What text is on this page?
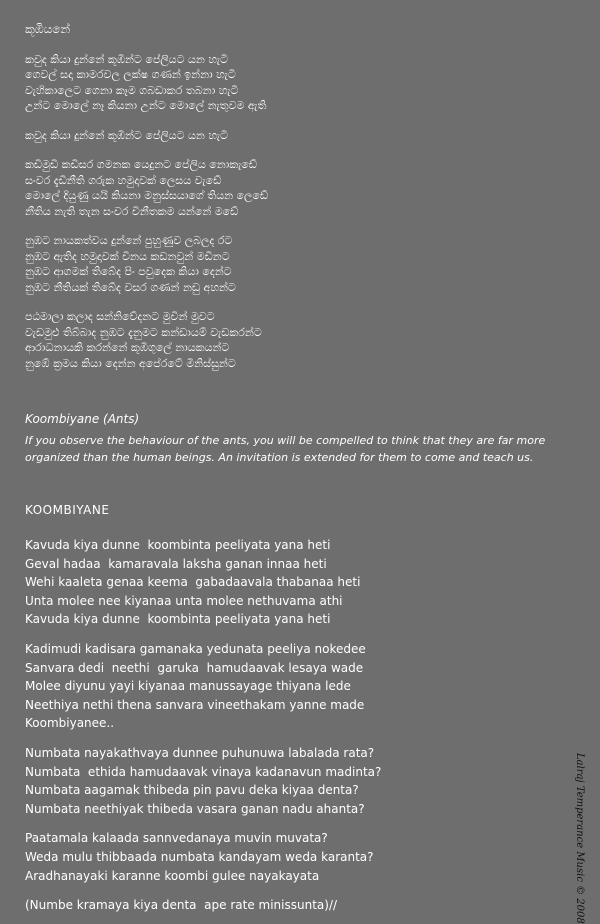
කූඹියනේ
කවුද කියා දුන්නේ කූඹින්ට පේලියට යන හැටි
ගෙවල් සදා කාමරවල ලක්ෂ ගණන් ඉන්නා හැටි
වැහිකාලෙට ගෙනා කෑම ගබඩාකර තබනා හැටි
උන්ට මොලේ නෑ කියනා උන්ට මොලේ නැතුවම ඇති
කවුද කියා දුන්නේ කූඹින්ට පේලියට යන හැටි
කඩිමුඩි කඩිසර ගමනක යෙදුනට පේලිය නොකැඩේ
සංවර දැඩිනීති ගරුක හමුදාවක් ලෙසය වැඩේ
මොලේ දියුණු යයි කියනා මනුස්සයාගේ තියන ලෙඩේ
නීතිය නැති තැන සංවර විනීතකම යන්නේ මඩේ
නුඹට නායකත්වය දුන්නේ පුහුණුව ලබලද රට
නුඹට ඇතිද හමුදාවක් විනය කඩනවුන් මඩිනට
නුඹට ආගමක් තිබේද පිං පවුදෙක කියා දෙන්ට
නුඹට නීතියක් තිබේද වසර ගණන් නඩු අහන්ට
පඨමාලා කලාද සන්නිවේදනට මුවින් මුවට
වැඩමුළු තිබ්බාද නුඹට දැනුමට කන්ඩායම් වැඩකරන්ට
ආරාධනායකි කරන්නේ කූඹිගුලේ නායකයන්ට
නුඹේ ක්‍රමය කියා දෙන්න අපේරටේ මිනිස්සුන්ට
Koombiyane (Ants)
If you observe the behaviour of the ants, you will be compelled to think that they are far more organized than the human beings. An invitation is extended for them to come and teach us.
KOOMBIYANE
Kavuda kiya dunne  koombinta peeliyata yana heti
Geval hadaa  kamaravala laksha ganan innaa heti
Wehi kaaleta genaa keema  gabadaavala thabanaa heti
Unta molee nee kiyanaa unta molee nethuvama athi
Kavuda kiya dunne  koombinta peeliyata yana heti
Kadimudi kadisara gamanaka yedunata peeliya nokedee
Sanvara dedi  neethi  garuka  hamudaavak lesaya wade
Molee diyunu yayi kiyanaa manussayage thiyana lede
Neethiya nethi thena sanvara vineethakam yanne made
Koombiyanee..
Numbata nayakathvaya dunnee puhunuwa labalada rata?
Numbata  ethida hamudaavak vinaya kadanavun madinta?
Numbata aagamak thibeda pin pavu deka kiyaa denta?
Numbata neethiyak thibeda vasara ganan nadu ahanta?
Paatamala kalaada sannvedanaya muvin muvata?
Weda mulu thibbaada numbata kandayam weda karanta?
Aradhanayaki karanne koombi gulee nayakayata
(Numbe kramaya kiya denta  ape rate minissunta)//	Lalraj Temperance Music © 2008
